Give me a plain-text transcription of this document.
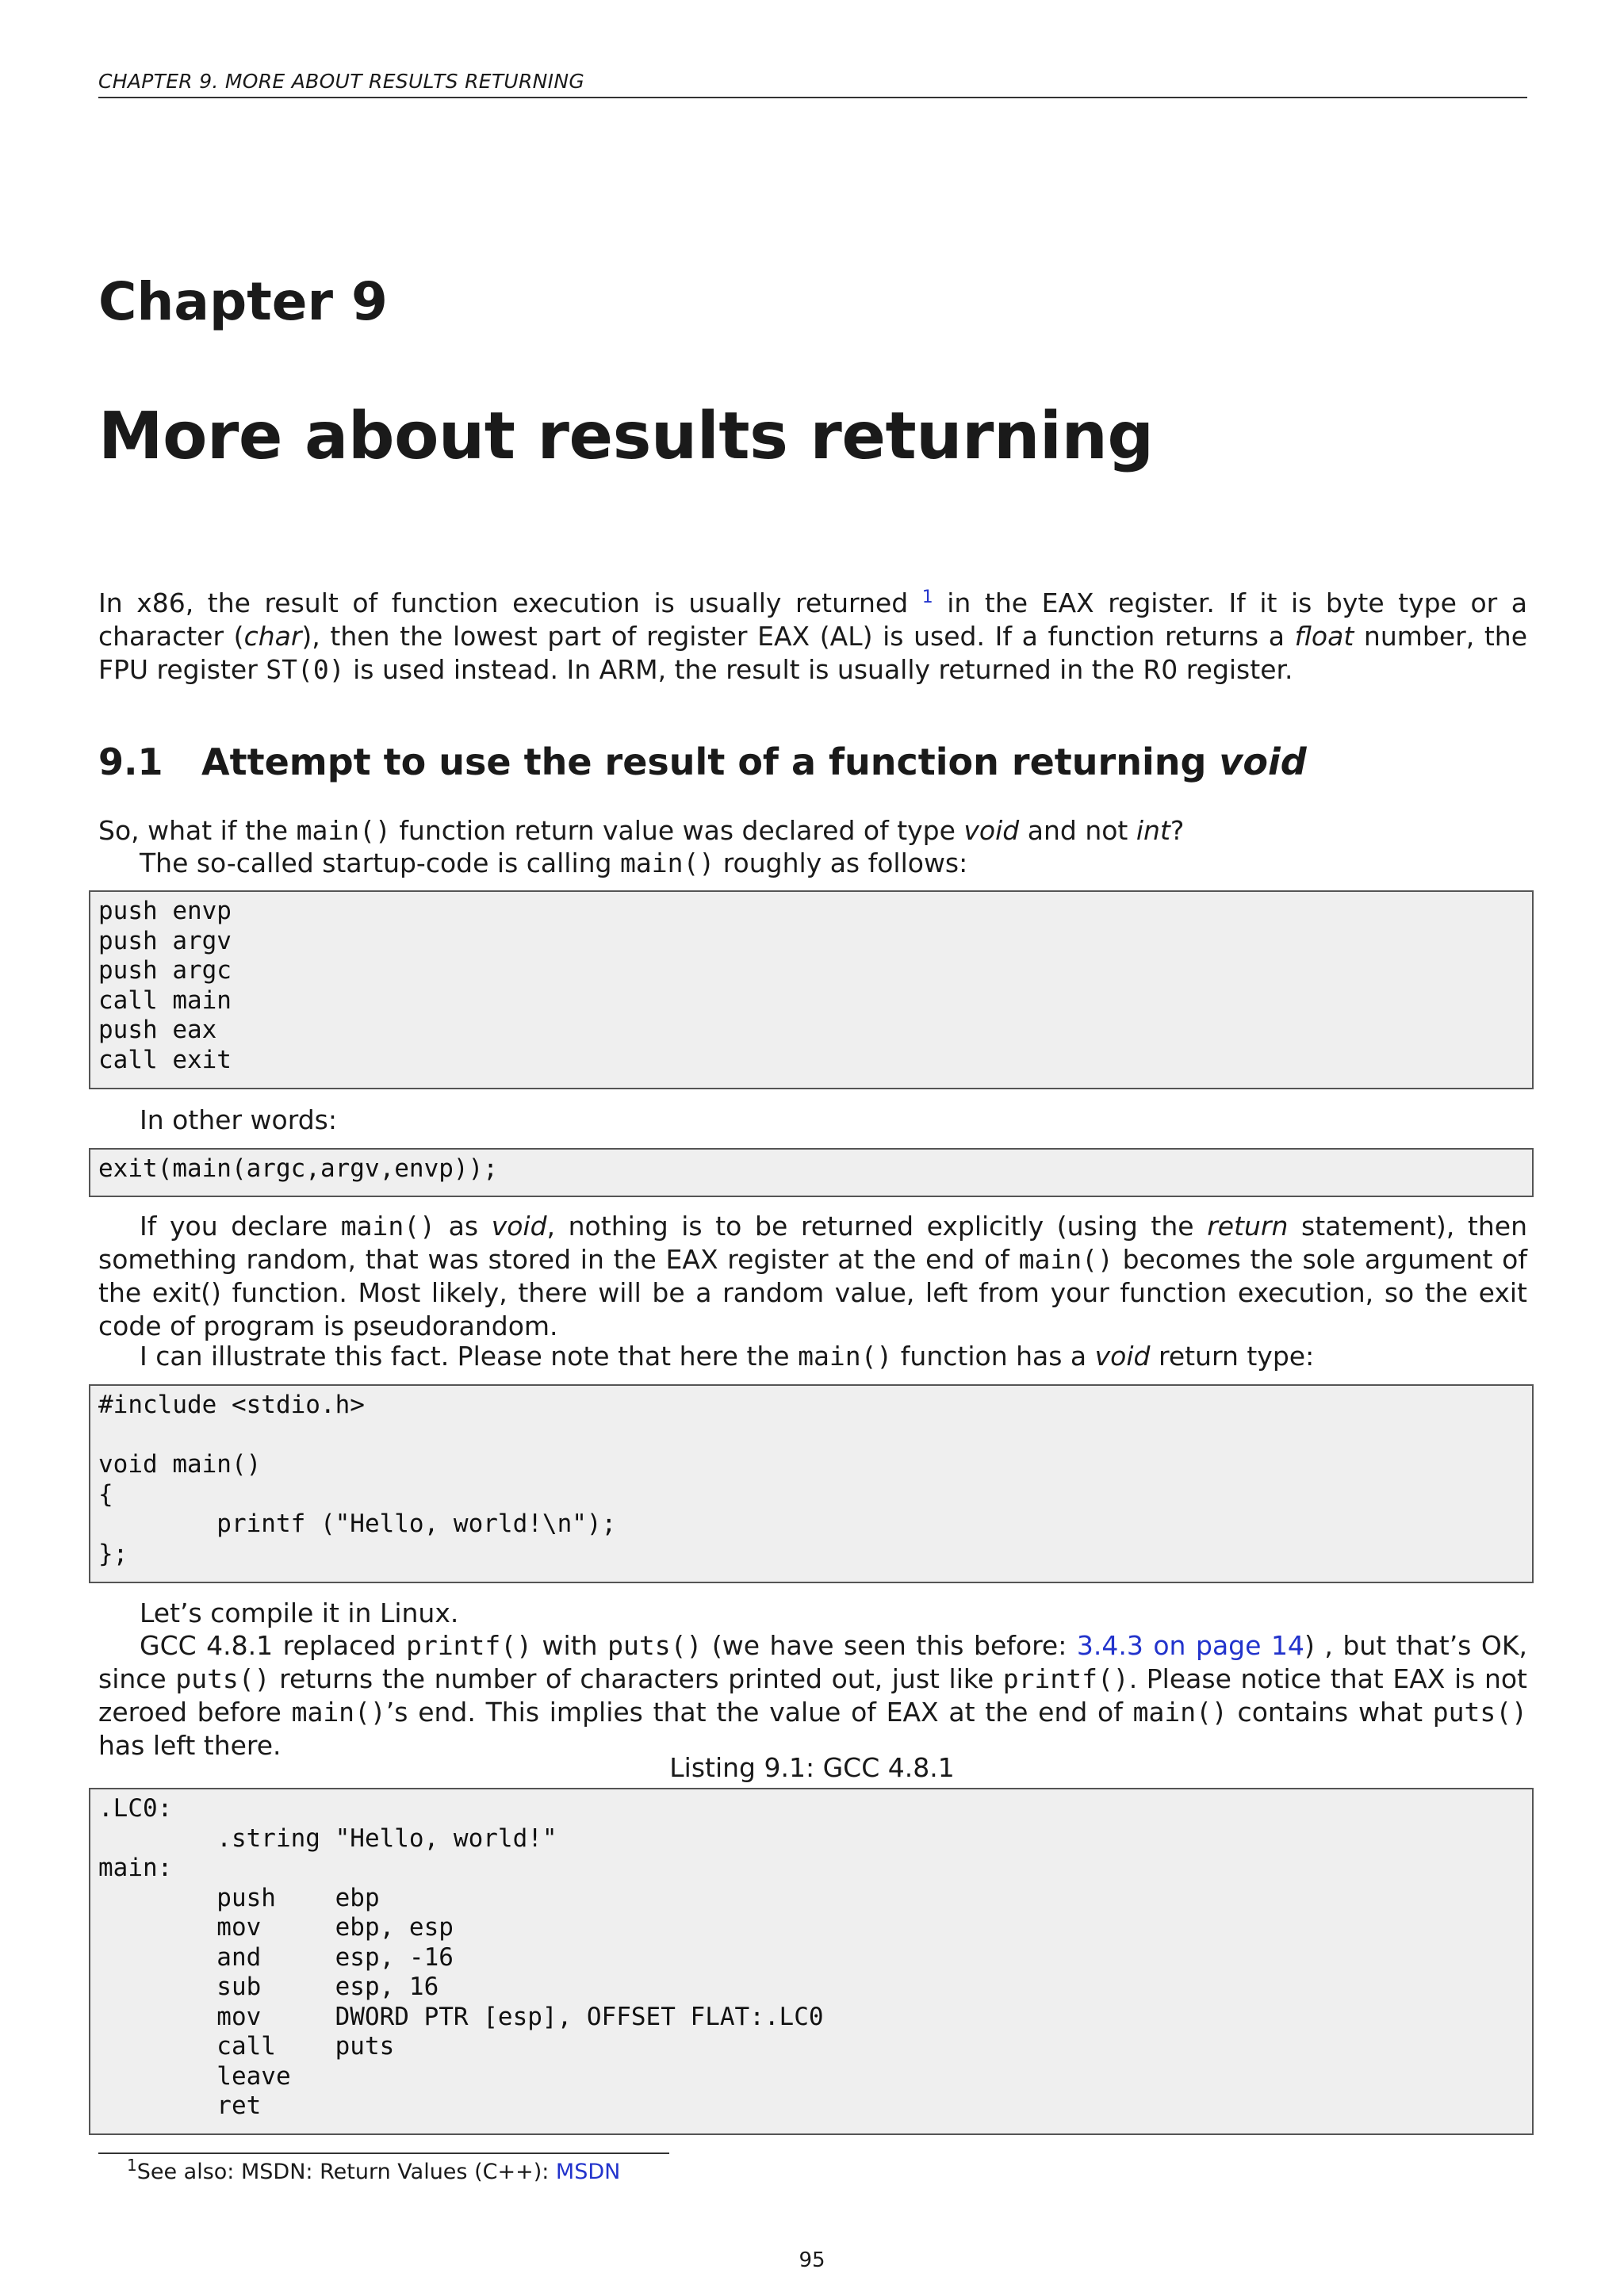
CHAPTER 9. MORE ABOUT RESULTS RETURNING
Chapter 9
More about results returning
In x86, the result of function execution is usually returned $^1$ in the EAX register. If it is byte type or a character (char), then the lowest part of register EAX (AL) is used. If a function returns a float number, the FPU register ST(0) is used instead. In ARM, the result is usually returned in the R0 register.
9.1 Attempt to use the result of a function returning void
So, what if the main() function return value was declared of type void and not int?
The so-called startup-code is calling main() roughly as follows:
push envp
push argv
push argc
call main
push eax
call exit
In other words:
exit(main(argc,argv,envp));
If you declare main() as void, nothing is to be returned explicitly (using the return statement), then something random, that was stored in the EAX register at the end of main() becomes the sole argument of the exit() function. Most likely, there will be a random value, left from your function execution, so the exit code of program is pseudorandom.
I can illustrate this fact. Please note that here the main() function has a void return type:
#include <stdio.h>

void main()
{
printf ("Hello, world!\n");
};
Let’s compile it in Linux.
GCC 4.8.1 replaced printf() with puts() (we have seen this before: 3.4.3 on page 14) , but that’s OK, since puts() returns the number of characters printed out, just like printf(). Please notice that EAX is not zeroed before main()’s end. This implies that the value of EAX at the end of main() contains what puts() has left there.
Listing 9.1: GCC 4.8.1
.LC0:
.string "Hello, world!"
main:
push    ebp
mov     ebp, esp
and     esp, -16
sub     esp, 16
mov     DWORD PTR [esp], OFFSET FLAT:.LC0
call    puts
leave
ret
$^1$See also: MSDN: Return Values (C++): MSDN
95
